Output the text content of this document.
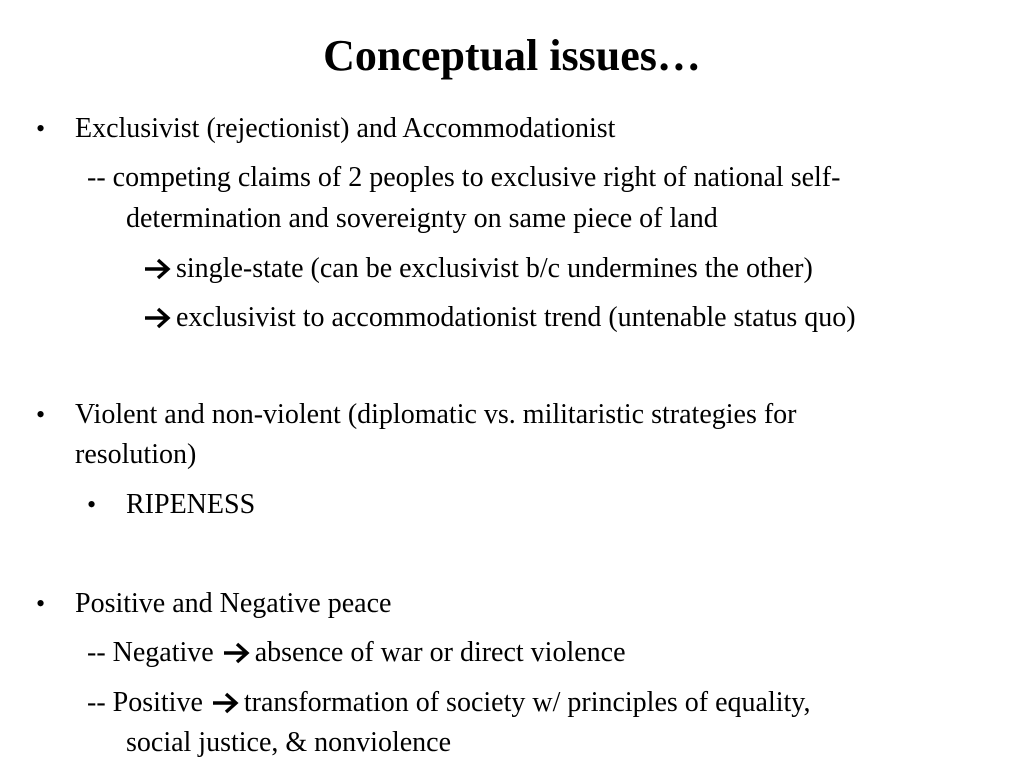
Conceptual issues…
• Exclusivist (rejectionist) and Accommodationist
-- competing claims of 2 peoples to exclusive right of national self-
determination and sovereignty on same piece of land
single-state (can be exclusivist b/c undermines the other)
exclusivist to accommodationist trend (untenable status quo)
• Violent and non-violent (diplomatic vs. militaristic strategies for
resolution)
• RIPENESS
• Positive and Negative peace
-- Negative absence of war or direct violence
-- Positive transformation of society w/ principles of equality,
social justice, & nonviolence
